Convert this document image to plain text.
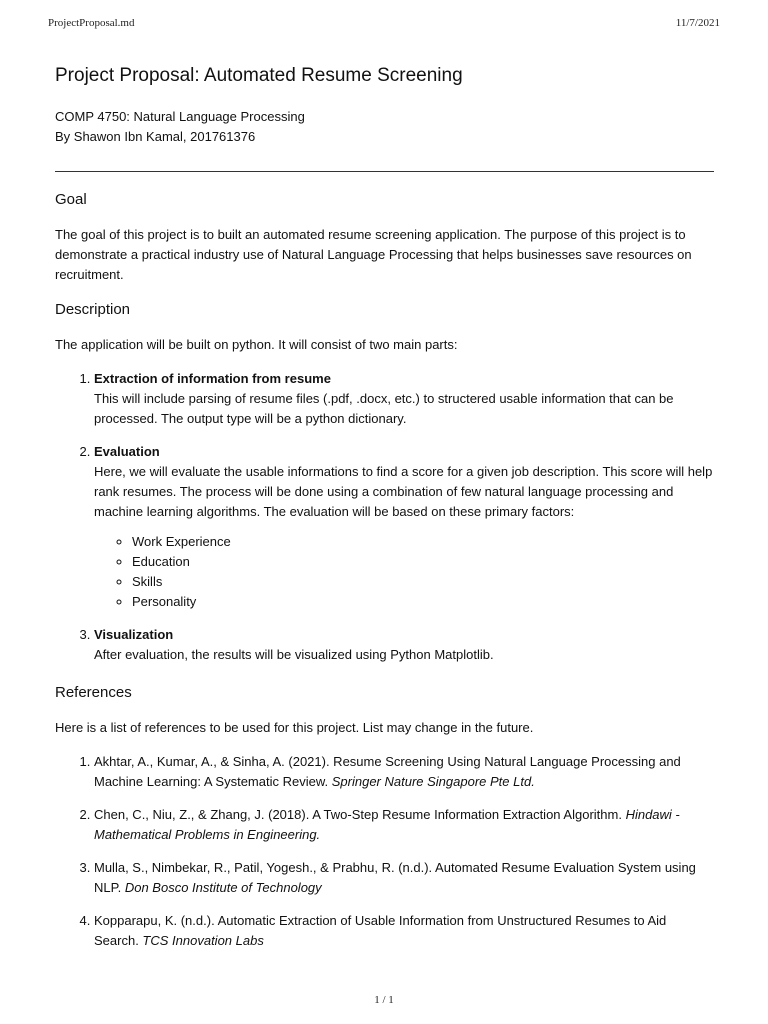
ProjectProposal.md	11/7/2021
Project Proposal: Automated Resume Screening

COMP 4750: Natural Language Processing

By Shawon Ibn Kamal, 201761376

Goal

The goal of this project is to built an automated resume screening application. The purpose of this project is to demonstrate a practical industry use of Natural Language Processing that helps businesses save resources on recruitment.

Description

The application will be built on python. It will consist of two main parts:

1. Extraction of information from resume
This will include parsing of resume files (.pdf, .docx, etc.) to structered usable information that can be processed. The output type will be a python dictionary.
2. Evaluation
Here, we will evaluate the usable informations to find a score for a given job description. This score will help rank resumes. The process will be done using a combination of few natural language processing and machine learning algorithms. The evaluation will be based on these primary factors:
◦ Work Experience
◦ Education
◦ Skills
◦ Personality
3. Visualization
After evaluation, the results will be visualized using Python Matplotlib.
References

Here is a list of references to be used for this project. List may change in the future.

1. Akhtar, A., Kumar, A., & Sinha, A. (2021). Resume Screening Using Natural Language Processing and Machine Learning: A Systematic Review. Springer Nature Singapore Pte Ltd.
2. Chen, C., Niu, Z., & Zhang, J. (2018). A Two-Step Resume Information Extraction Algorithm. Hindawi - Mathematical Problems in Engineering.
3. Mulla, S., Nimbekar, R., Patil, Yogesh., & Prabhu, R. (n.d.). Automated Resume Evaluation System using NLP. Don Bosco Institute of Technology
4. Kopparapu, K. (n.d.). Automatic Extraction of Usable Information from Unstructured Resumes to Aid Search. TCS Innovation Labs
1 / 1
